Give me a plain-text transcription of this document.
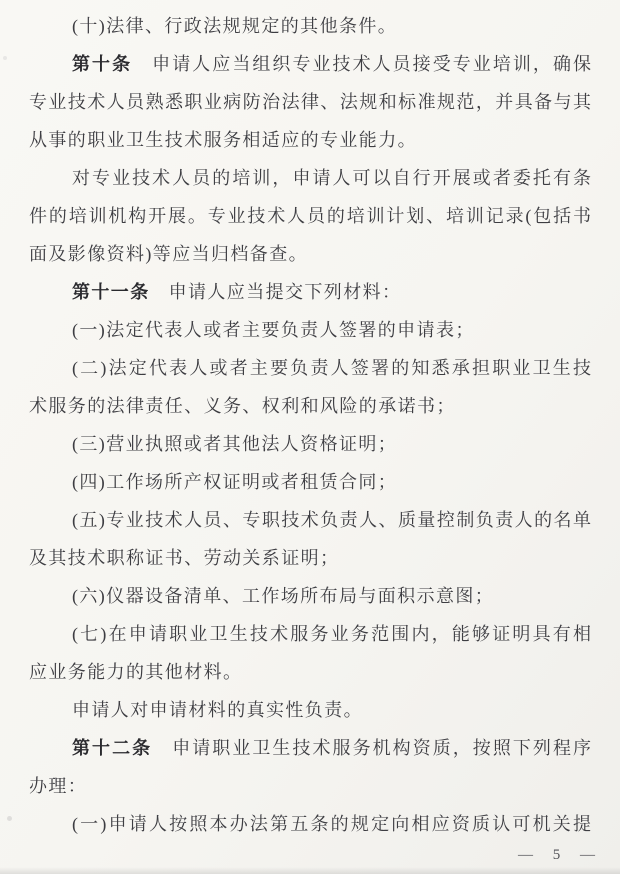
(十)法律、行政法规规定的其他条件。
第十条 申请人应当组织专业技术人员接受专业培训，确保
专业技术人员熟悉职业病防治法律、法规和标准规范，并具备与其
从事的职业卫生技术服务相适应的专业能力。
对专业技术人员的培训，申请人可以自行开展或者委托有条
件的培训机构开展。专业技术人员的培训计划、培训记录(包括书
面及影像资料)等应当归档备查。
第十一条 申请人应当提交下列材料：
(一)法定代表人或者主要负责人签署的申请表；
(二)法定代表人或者主要负责人签署的知悉承担职业卫生技
术服务的法律责任、义务、权利和风险的承诺书；
(三)营业执照或者其他法人资格证明；
(四)工作场所产权证明或者租赁合同；
(五)专业技术人员、专职技术负责人、质量控制负责人的名单
及其技术职称证书、劳动关系证明；
(六)仪器设备清单、工作场所布局与面积示意图；
(七)在申请职业卫生技术服务业务范围内，能够证明具有相
应业务能力的其他材料。
申请人对申请材料的真实性负责。
第十二条 申请职业卫生技术服务机构资质，按照下列程序
办理：
(一)申请人按照本办法第五条的规定向相应资质认可机关提
— 5 —
